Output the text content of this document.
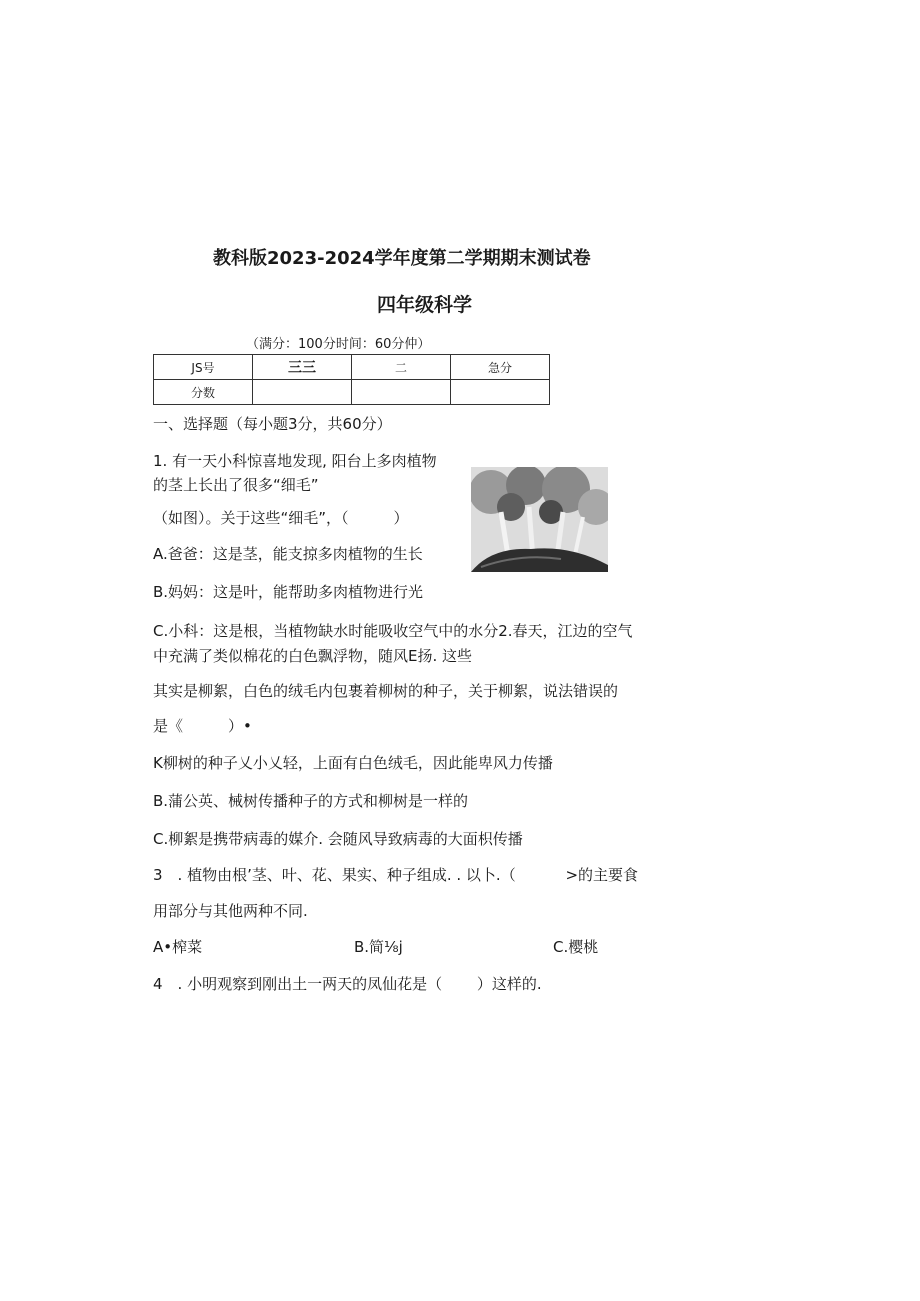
教科版2023-2024学年度第二学期期末测试卷
四年级科学
（满分：100分时间：60分仲）
JS号	三三	二	急分
分数			
一、选择题（每小题3分，共60分）
1. 有一天小科惊喜地发现, 阳台上多肉植物
的茎上长出了很多“细毛”
（如图）。关于这些“细毛”，（　　　）
A.爸爸：这是茎，能支掠多肉植物的生长
B.妈妈：这是叶，能帮助多肉植物进行光
C.小科：这是根，当植物缺水时能吸收空气中的水分2.春天，江边的空气
中充满了类似棉花的白色飘浮物，随风E扬. 这些
其实是柳絮，白色的绒毛内包裹着柳树的种子，关于柳絮，说法错误的
是《　　　）•
K柳树的种子乂小乂轻，上面有白色绒毛，因此能卑风力传播
B.蒲公英、械树传播种子的方式和柳树是一样的
C.柳絮是携带病毒的媒介. 会随风导致病毒的大面枳传播
3　. 植物由根’茎、叶、花、果实、种子组成. . 以卜.（　　　 >的主要食
用部分与其他两种不同.
A•榨菜	B.简⅛j	C.樱桃
4　. 小明观察到刚出土一两天的凤仙花是（　　 ）这样的.
